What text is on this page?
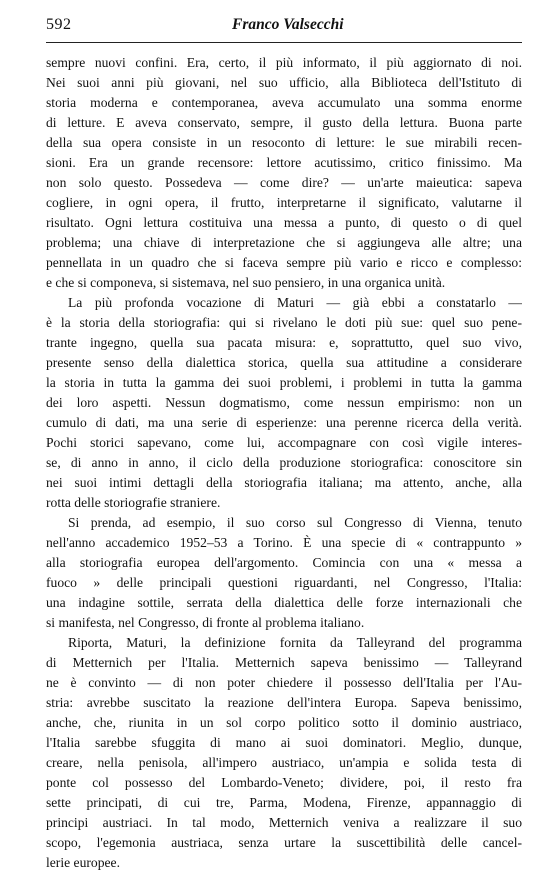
592	Franco Valsecchi
sempre nuovi confini. Era, certo, il più informato, il più aggiornato di noi.
Nei suoi anni più giovani, nel suo ufficio, alla Biblioteca dell'Istituto di
storia moderna e contemporanea, aveva accumulato una somma enorme
di letture. E aveva conservato, sempre, il gusto della lettura. Buona parte
della sua opera consiste in un resoconto di letture: le sue mirabili recen-
sioni. Era un grande recensore: lettore acutissimo, critico finissimo. Ma
non solo questo. Possedeva — come dire? — un'arte maieutica: sapeva
cogliere, in ogni opera, il frutto, interpretarne il significato, valutarne il
risultato. Ogni lettura costituiva una messa a punto, di questo o di quel
problema; una chiave di interpretazione che si aggiungeva alle altre; una
pennellata in un quadro che si faceva sempre più vario e ricco e complesso:
e che si componeva, si sistemava, nel suo pensiero, in una organica unità.
La più profonda vocazione di Maturi — già ebbi a constatarlo —
è la storia della storiografia: qui si rivelano le doti più sue: quel suo pene-
trante ingegno, quella sua pacata misura: e, soprattutto, quel suo vivo,
presente senso della dialettica storica, quella sua attitudine a considerare
la storia in tutta la gamma dei suoi problemi, i problemi in tutta la gamma
dei loro aspetti. Nessun dogmatismo, come nessun empirismo: non un
cumulo di dati, ma una serie di esperienze: una perenne ricerca della verità.
Pochi storici sapevano, come lui, accompagnare con così vigile interes-
se, di anno in anno, il ciclo della produzione storiografica: conoscitore sin
nei suoi intimi dettagli della storiografia italiana; ma attento, anche, alla
rotta delle storiografie straniere.
Si prenda, ad esempio, il suo corso sul Congresso di Vienna, tenuto
nell'anno accademico 1952–53 a Torino. È una specie di « contrappunto »
alla storiografia europea dell'argomento. Comincia con una « messa a
fuoco » delle principali questioni riguardanti, nel Congresso, l'Italia:
una indagine sottile, serrata della dialettica delle forze internazionali che
si manifesta, nel Congresso, di fronte al problema italiano.
Riporta, Maturi, la definizione fornita da Talleyrand del programma
di Metternich per l'Italia. Metternich sapeva benissimo — Talleyrand
ne è convinto — di non poter chiedere il possesso dell'Italia per l'Au-
stria: avrebbe suscitato la reazione dell'intera Europa. Sapeva benissimo,
anche, che, riunita in un sol corpo politico sotto il dominio austriaco,
l'Italia sarebbe sfuggita di mano ai suoi dominatori. Meglio, dunque,
creare, nella penisola, all'impero austriaco, un'ampia e solida testa di
ponte col possesso del Lombardo-Veneto; dividere, poi, il resto fra
sette principati, di cui tre, Parma, Modena, Firenze, appannaggio di
principi austriaci. In tal modo, Metternich veniva a realizzare il suo
scopo, l'egemonia austriaca, senza urtare la suscettibilità delle cancel-
lerie europee.
